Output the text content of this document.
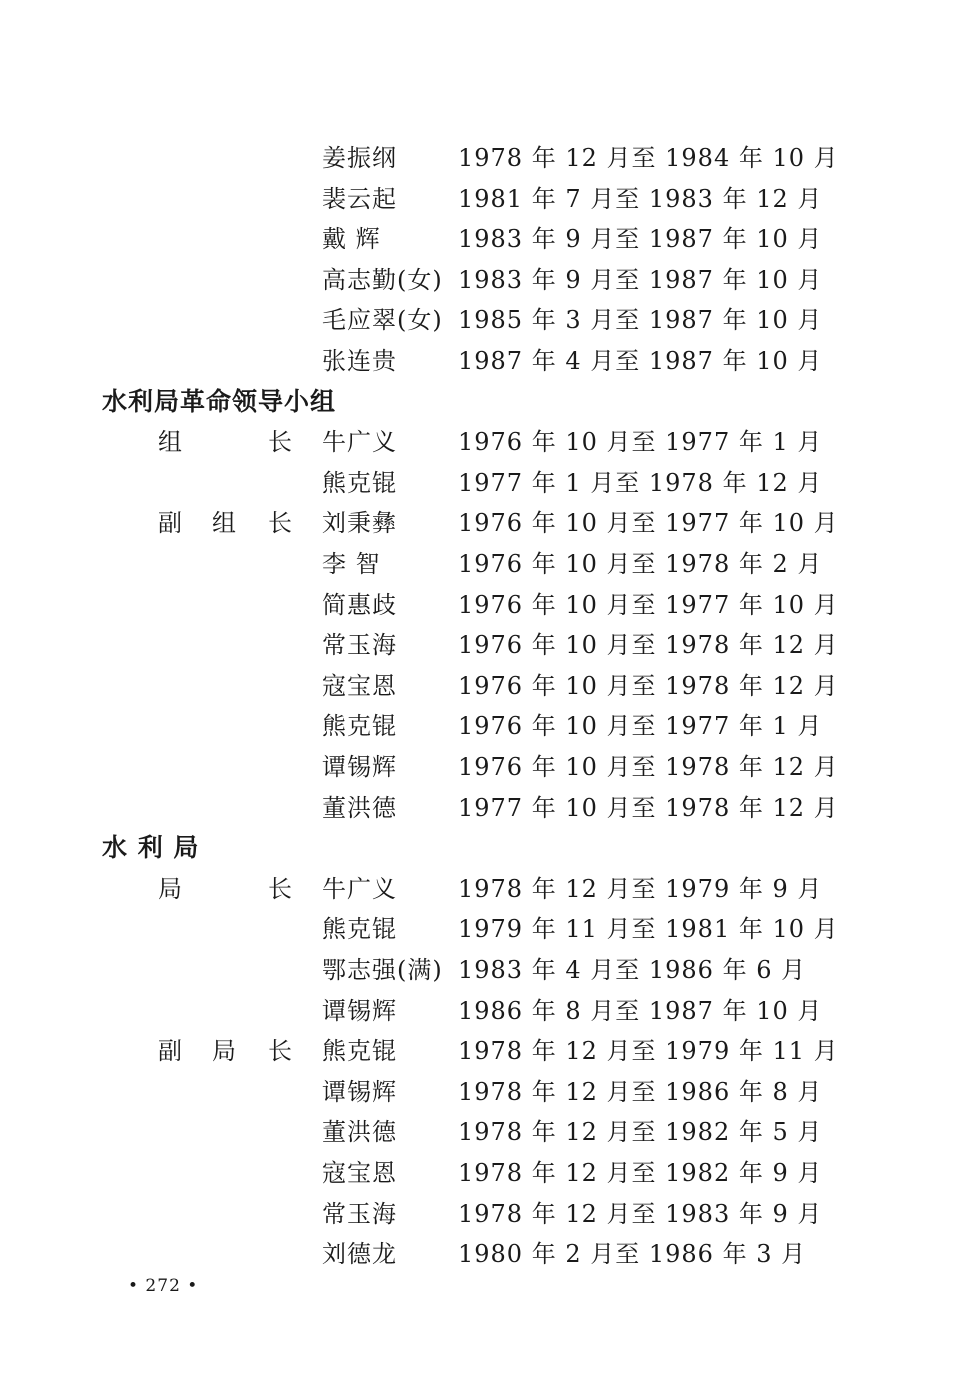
姜振纲	1978 年 12 月至 1984 年 10 月
裴云起	1981 年 7 月至 1983 年 12 月
戴 辉	1983 年 9 月至 1987 年 10 月
高志勤(女) 1983 年 9 月至 1987 年 10 月
毛应翠(女) 1985 年 3 月至 1987 年 10 月
张连贵	1987 年 4 月至 1987 年 10 月
水利局革命领导小组
组	长 牛广义	1976 年 10 月至 1977 年 1 月
熊克锟	1977 年 1 月至 1978 年 12 月
副 组 长 刘秉彝	1976 年 10 月至 1977 年 10 月
李 智	1976 年 10 月至 1978 年 2 月
简惠歧	1976 年 10 月至 1977 年 10 月
常玉海	1976 年 10 月至 1978 年 12 月
寇宝恩	1976 年 10 月至 1978 年 12 月
熊克锟	1976 年 10 月至 1977 年 1 月
谭锡辉	1976 年 10 月至 1978 年 12 月
董洪德	1977 年 10 月至 1978 年 12 月
水 利 局
局	长 牛广义	1978 年 12 月至 1979 年 9 月
熊克锟	1979 年 11 月至 1981 年 10 月
鄂志强(满) 1983 年 4 月至 1986 年 6 月
谭锡辉	1986 年 8 月至 1987 年 10 月
副 局 长 熊克锟	1978 年 12 月至 1979 年 11 月
谭锡辉	1978 年 12 月至 1986 年 8 月
董洪德	1978 年 12 月至 1982 年 5 月
寇宝恩	1978 年 12 月至 1982 年 9 月
常玉海	1978 年 12 月至 1983 年 9 月
刘德龙	1980 年 2 月至 1986 年 3 月
• 272 •
